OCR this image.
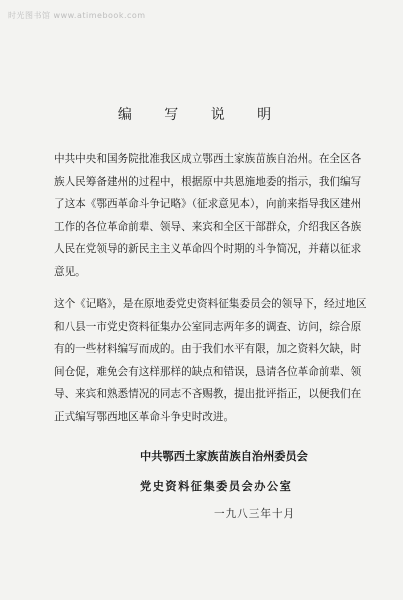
时光图书馆 www.atimebook.com
编 写 说 明

中共中央和国务院批准我区成立鄂西土家族苗族自治州。在全区各族人民筹备建州的过程中，根据原中共恩施地委的指示，我们编写了这本《鄂西革命斗争记略》（征求意见本），向前来指导我区建州工作的各位革命前辈、领导、来宾和全区干部群众，介绍我区各族人民在党领导的新民主主义革命四个时期的斗争简况，并藉以征求意见。

这个《记略》，是在原地委党史资料征集委员会的领导下，经过地区和八县一市党史资料征集办公室同志两年多的调查、访问，综合原有的一些材料编写而成的。由于我们水平有限，加之资料欠缺，时间仓促，难免会有这样那样的缺点和错误，恳请各位革命前辈、领导、来宾和熟悉情况的同志不吝赐教，提出批评指正，以便我们在正式编写鄂西地区革命斗争史时改进。

中共鄂西土家族苗族自治州委员会
党史资料征集委员会办公室
一九八三年十月
